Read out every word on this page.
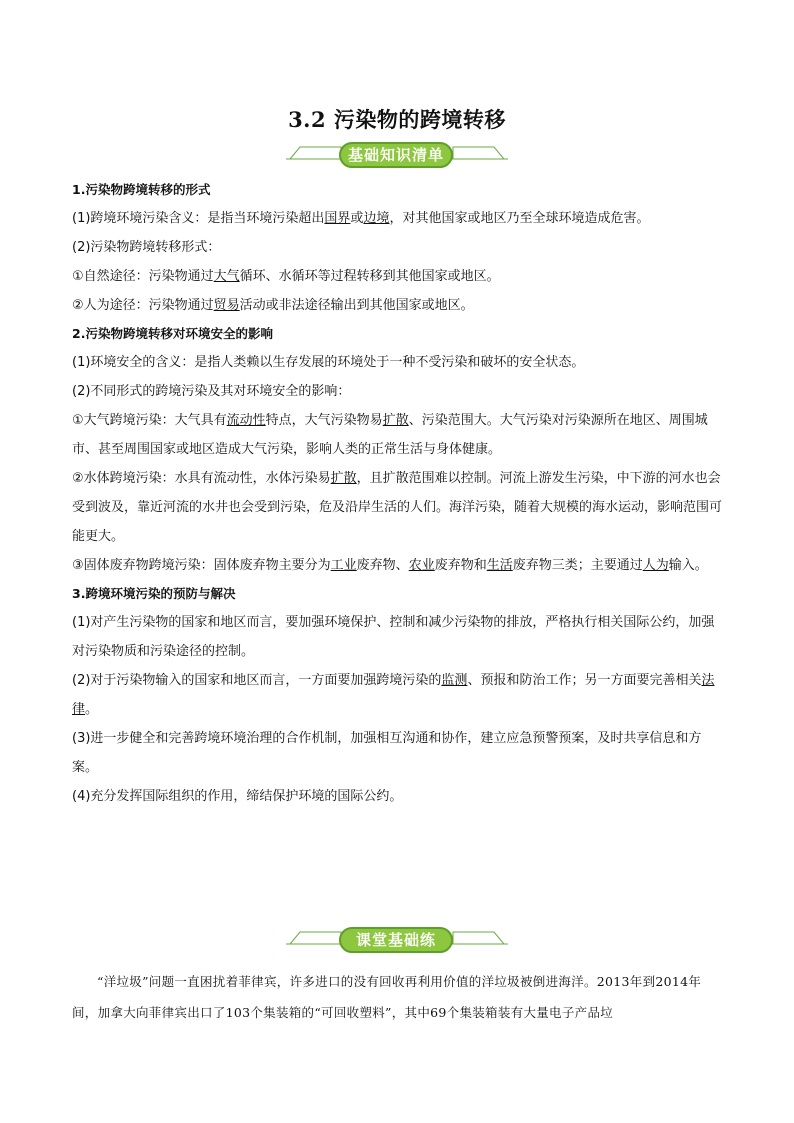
3.2 污染物的跨境转移
基础知识清单
1.污染物跨境转移的形式
(1)跨境环境污染含义：是指当环境污染超出国界或边境，对其他国家或地区乃至全球环境造成危害。
(2)污染物跨境转移形式：
①自然途径：污染物通过大气循环、水循环等过程转移到其他国家或地区。
②人为途径：污染物通过贸易活动或非法途径输出到其他国家或地区。
2.污染物跨境转移对环境安全的影响
(1)环境安全的含义：是指人类赖以生存发展的环境处于一种不受污染和破坏的安全状态。
(2)不同形式的跨境污染及其对环境安全的影响：
①大气跨境污染：大气具有流动性特点，大气污染物易扩散、污染范围大。大气污染对污染源所在地区、周围城市、甚至周围国家或地区造成大气污染，影响人类的正常生活与身体健康。
②水体跨境污染：水具有流动性，水体污染易扩散，且扩散范围难以控制。河流上游发生污染，中下游的河水也会受到波及，靠近河流的水井也会受到污染，危及沿岸生活的人们。海洋污染，随着大规模的海水运动，影响范围可能更大。
③固体废弃物跨境污染：固体废弃物主要分为工业废弃物、农业废弃物和生活废弃物三类；主要通过人为输入。
3.跨境环境污染的预防与解决
(1)对产生污染物的国家和地区而言，要加强环境保护、控制和减少污染物的排放，严格执行相关国际公约，加强对污染物质和污染途径的控制。
(2)对于污染物输入的国家和地区而言，一方面要加强跨境污染的监测、预报和防治工作；另一方面要完善相关法律。
(3)进一步健全和完善跨境环境治理的合作机制，加强相互沟通和协作，建立应急预警预案，及时共享信息和方案。
(4)充分发挥国际组织的作用，缔结保护环境的国际公约。
课堂基础练
“洋垃圾”问题一直困扰着菲律宾，许多进口的没有回收再利用价值的洋垃圾被倒进海洋。2013年到2014年间，加拿大向菲律宾出口了103个集装箱的“可回收塑料”，其中69个集装箱装有大量电子产品垃
